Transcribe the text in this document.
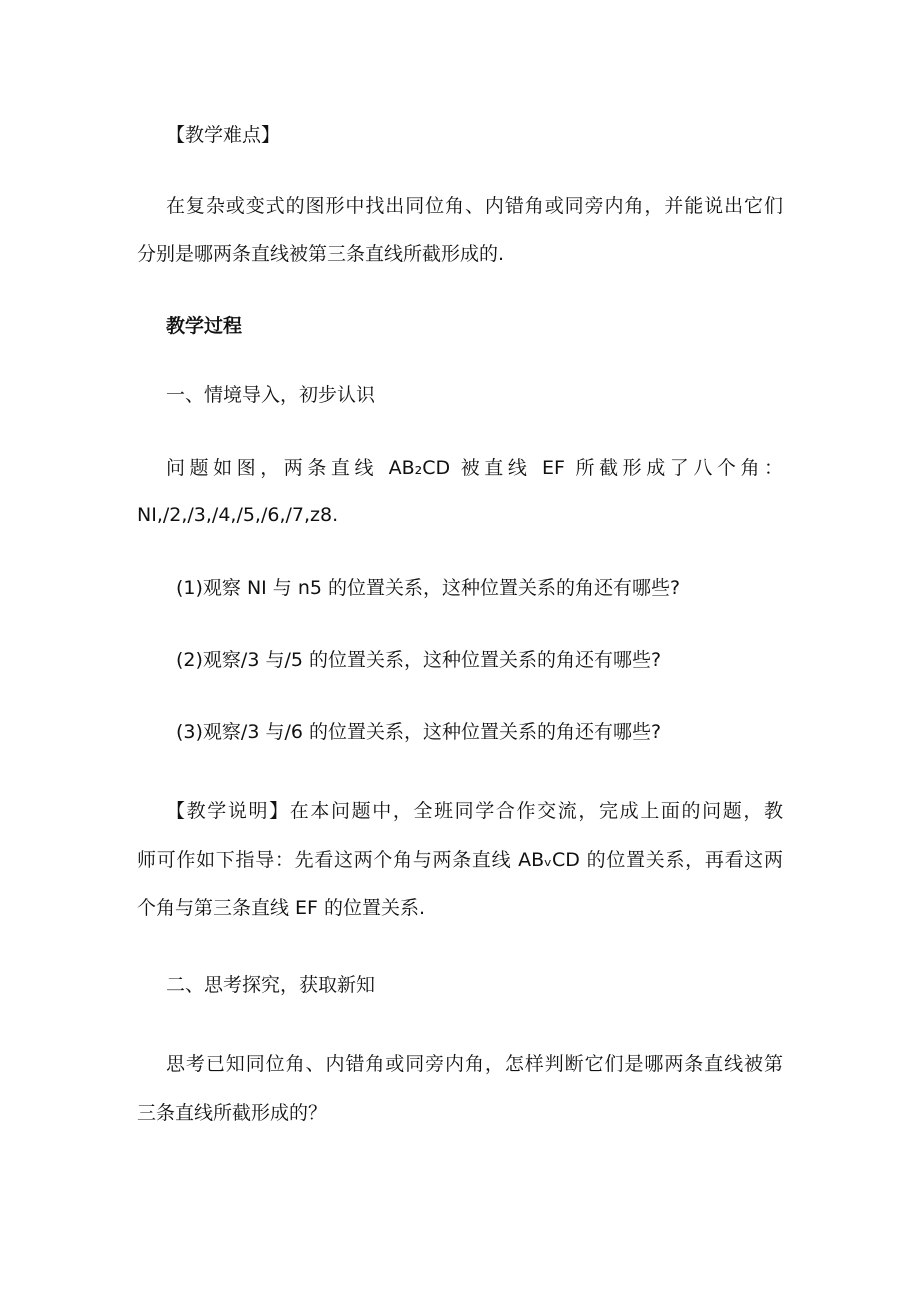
【教学难点】
在复杂或变式的图形中找出同位角、内错角或同旁内角，并能说出它们
分别是哪两条直线被第三条直线所截形成的.
教学过程
一、情境导入，初步认识
问题如图，两条直线 AB₂CD 被直线 EF 所截形成了八个角：
NI,/2,/3,/4,/5,/6,/7,z8.
(1)观察 NI 与 n5 的位置关系，这种位置关系的角还有哪些?
(2)观察/3 与/5 的位置关系，这种位置关系的角还有哪些?
(3)观察/3 与/6 的位置关系，这种位置关系的角还有哪些?
【教学说明】在本问题中，全班同学合作交流，完成上面的问题，教
师可作如下指导：先看这两个角与两条直线 ABᵥCD 的位置关系，再看这两
个角与第三条直线 EF 的位置关系.
二、思考探究，获取新知
思考已知同位角、内错角或同旁内角，怎样判断它们是哪两条直线被第
三条直线所截形成的？
